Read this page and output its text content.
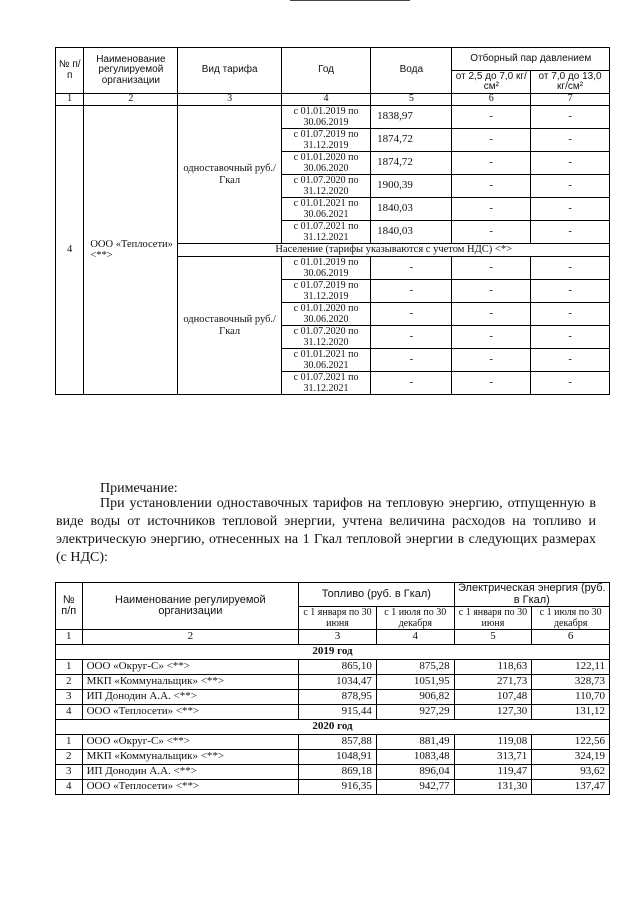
№ п/п	Наименование регулируемой организации	Вид тарифа	Год	Вода	Отборный пар давлением	
					от 2,5 до 7,0 кг/см²	от 7,0 до 13,0 кг/см²
1	2	3	4	5	6	7
4	ООО «Теплосети» <**>	одноставочный руб./Гкал	с 01.01.2019 по 30.06.2019	1838,97	-	-
			с 01.07.2019 по 31.12.2019	1874,72	-	-
			с 01.01.2020 по 30.06.2020	1874,72	-	-
			с 01.07.2020 по 31.12.2020	1900,39	-	-
			с 01.01.2021 по 30.06.2021	1840,03	-	-
			с 01.07.2021 по 31.12.2021	1840,03	-	-
		Население (тарифы указываются с учетом НДС) <*>				
		одноставочный руб./Гкал	с 01.01.2019 по 30.06.2019	-	-	-
			с 01.07.2019 по 31.12.2019	-	-	-
			с 01.01.2020 по 30.06.2020	-	-	-
			с 01.07.2020 по 31.12.2020	-	-	-
			с 01.01.2021 по 30.06.2021	-	-	-
			с 01.07.2021 по 31.12.2021	-	-	-
Примечание:
При установлении одноставочных тарифов на тепловую энергию, отпущенную в виде воды от источников тепловой энергии, учтена величина расходов на топливо и электрическую энергию, отнесенных на 1 Гкал тепловой энергии в следующих размерах (с НДС):
№ п/п	Наименование регулируемой организации	Топливо (руб. в Гкал)		Электрическая энергия (руб. в Гкал)	
		с 1 января по 30 июня	с 1 июля по 30 декабря	с 1 января по 30 июня	с 1 июля по 30 декабря
1	2	3	4	5	6
2019 год					
1	ООО «Округ-С» <**>	865,10	875,28	118,63	122,11
2	МКП «Коммунальщик» <**>	1034,47	1051,95	271,73	328,73
3	ИП Донодин А.А. <**>	878,95	906,82	107,48	110,70
4	ООО «Теплосети» <**>	915,44	927,29	127,30	131,12
2020 год					
1	ООО «Округ-С» <**>	857,88	881,49	119,08	122,56
2	МКП «Коммунальщик» <**>	1048,91	1083,48	313,71	324,19
3	ИП Донодин А.А. <**>	869,18	896,04	119,47	93,62
4	ООО «Теплосети» <**>	916,35	942,77	131,30	137,47
